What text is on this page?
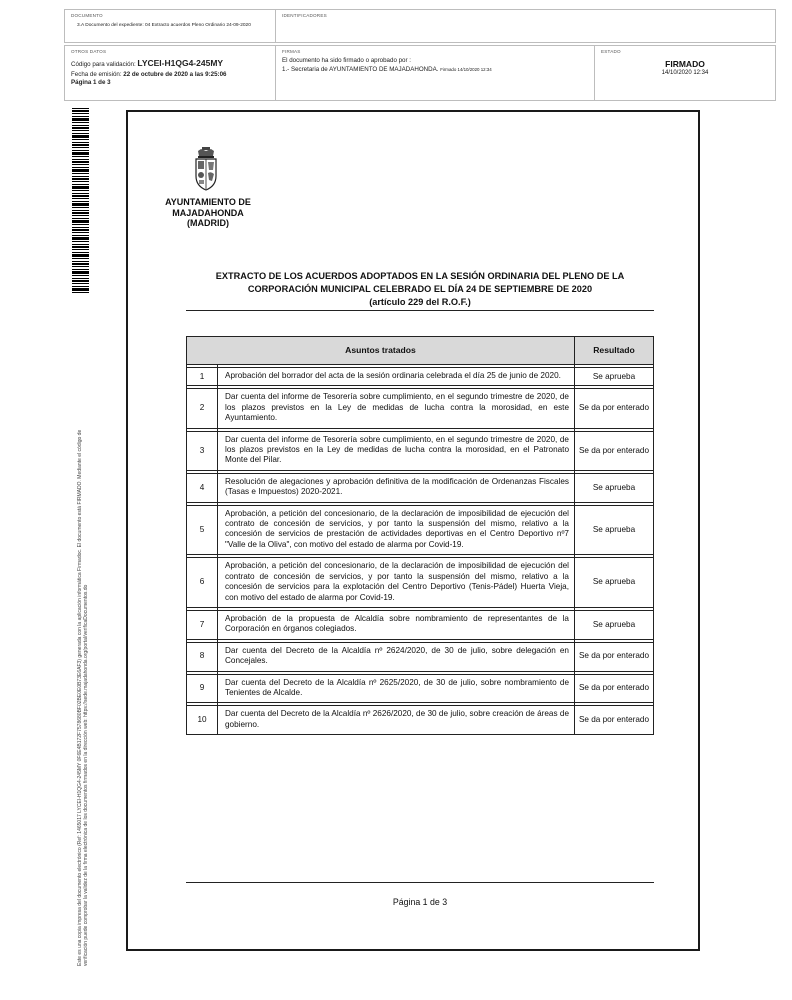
DOCUMENTO
3.A Documento del expediente: 04 Extracto acuerdos Pleno Ordinario 24-09-2020
IDENTIFICADORES
OTROS DATOS
Código para validación: LYCEI-H1QG4-245MY
Fecha de emisión: 22 de octubre de 2020 a las 9:25:06
Página 1 de 3
FIRMAS
El documento ha sido firmado o aprobado por :
1.- Secretaria de AYUNTAMIENTO DE MAJADAHONDA. Firmado 14/10/2020 12:34
ESTADO
FIRMADO
14/10/2020 12:34
Este es una copia impresa del documento electrónico (Ref: 1465017 LYCEI-H1QG4-245MY 0F6E4B172F7578680BF02BE0E0B73E6AF3) generada con la aplicación informática Firmadoc. El documento está FIRMADO. Mediante el código de verificación puede comprobar la validez de la firma electrónica de los documentos firmados en la dirección web: https://sede.majadahonda.org/portal/verificaDocumentos.do
AYUNTAMIENTO DE
MAJADAHONDA
(MADRID)
EXTRACTO DE LOS ACUERDOS ADOPTADOS EN LA SESIÓN ORDINARIA DEL PLENO DE LA
CORPORACIÓN MUNICIPAL CELEBRADO EL DÍA 24 DE SEPTIEMBRE DE 2020
(artículo 229 del R.O.F.)
Asuntos tratados		Resultado

1	Aprobación del borrador del acta de la sesión ordinaria celebrada el día 25 de junio de 2020.	Se aprueba

2	Dar cuenta del informe de Tesorería sobre cumplimiento, en el segundo trimestre de 2020, de los plazos previstos en la Ley de medidas de lucha contra la morosidad, en este Ayuntamiento.	Se da por enterado

3	Dar cuenta del informe de Tesorería sobre cumplimiento, en el segundo trimestre de 2020, de los plazos previstos en la Ley de medidas de lucha contra la morosidad, en el Patronato Monte del Pilar.	Se da por enterado

4	Resolución de alegaciones y aprobación definitiva de la modificación de Ordenanzas Fiscales (Tasas e Impuestos) 2020-2021.	Se aprueba

5	Aprobación, a petición del concesionario, de la declaración de imposibilidad de ejecución del contrato de concesión de servicios, y por tanto la suspensión del mismo, relativo a la concesión de servicios de prestación de actividades deportivas en el Centro Deportivo nº7 "Valle de la Oliva", con motivo del estado de alarma por Covid-19.	Se aprueba

6	Aprobación, a petición del concesionario, de la declaración de imposibilidad de ejecución del contrato de concesión de servicios, y por tanto la suspensión del mismo, relativo a la concesión de servicios para la explotación del Centro Deportivo (Tenis-Pádel) Huerta Vieja, con motivo del estado de alarma por Covid-19.	Se aprueba

7	Aprobación de la propuesta de Alcaldía sobre nombramiento de representantes de la Corporación en órganos colegiados.	Se aprueba

8	Dar cuenta del Decreto de la Alcaldía nº 2624/2020, de 30 de julio, sobre delegación en Concejales.	Se da por enterado

9	Dar cuenta del Decreto de la Alcaldía nº 2625/2020, de 30 de julio, sobre nombramiento de Tenientes de Alcalde.	Se da por enterado

10	Dar cuenta del Decreto de la Alcaldía nº 2626/2020, de 30 de julio, sobre creación de áreas de gobierno.	Se da por enterado
Página 1 de 3
